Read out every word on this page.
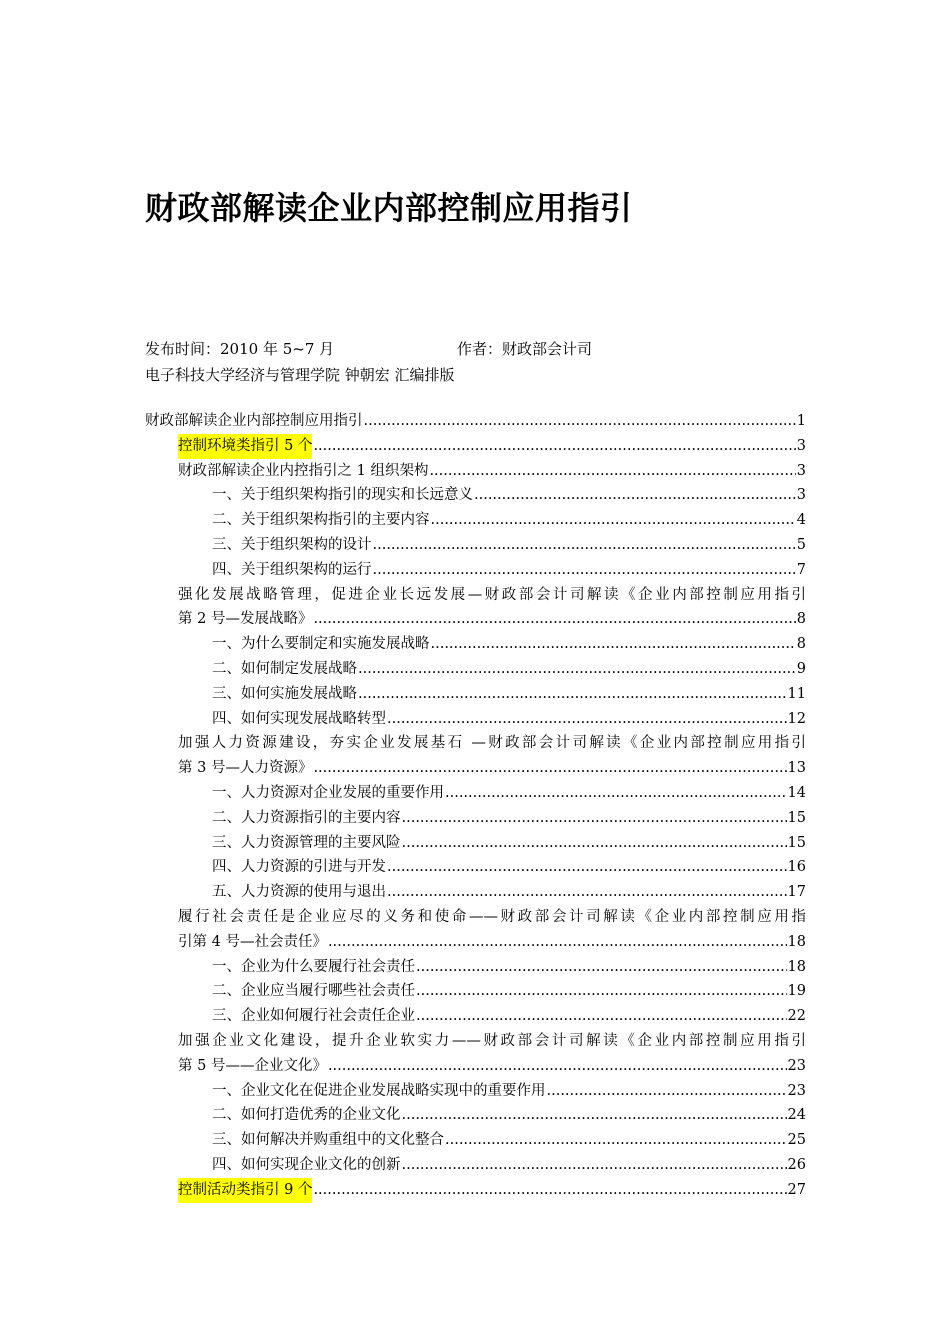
财政部解读企业内部控制应用指引
发布时间：2010 年 5~7 月	作者：财政部会计司
电子科技大学经济与管理学院 钟朝宏 汇编排版
财政部解读企业内部控制应用指引 .....	1
控制环境类指引 5 个 .....	3
财政部解读企业内控指引之 1 组织架构 .....	3
一、关于组织架构指引的现实和长远意义 .....	3
二、关于组织架构指引的主要内容 .....	4
三、关于组织架构的设计 .....	5
四、关于组织架构的运行 .....	7
强化发展战略管理，促进企业长远发展—财政部会计司解读《企业内部控制应用指引
第 2 号—发展战略》 .....	8
一、为什么要制定和实施发展战略 .....	8
二、如何制定发展战略 .....	9
三、如何实施发展战略 .....	11
四、如何实现发展战略转型 .....	12
加强人力资源建设，夯实企业发展基石 —财政部会计司解读《企业内部控制应用指引
第 3 号—人力资源》 .....	13
一、人力资源对企业发展的重要作用 .....	14
二、人力资源指引的主要内容 .....	15
三、人力资源管理的主要风险 .....	15
四、人力资源的引进与开发 .....	16
五、人力资源的使用与退出 .....	17
履行社会责任是企业应尽的义务和使命——财政部会计司解读《企业内部控制应用指
引第 4 号—社会责任》 .....	18
一、企业为什么要履行社会责任 .....	18
二、企业应当履行哪些社会责任 .....	19
三、企业如何履行社会责任企业 .....	22
加强企业文化建设，提升企业软实力——财政部会计司解读《企业内部控制应用指引
第 5 号——企业文化》 .....	23
一、企业文化在促进企业发展战略实现中的重要作用 .....	23
二、如何打造优秀的企业文化 .....	24
三、如何解决并购重组中的文化整合 .....	25
四、如何实现企业文化的创新 .....	26
控制活动类指引 9 个 .....	27
